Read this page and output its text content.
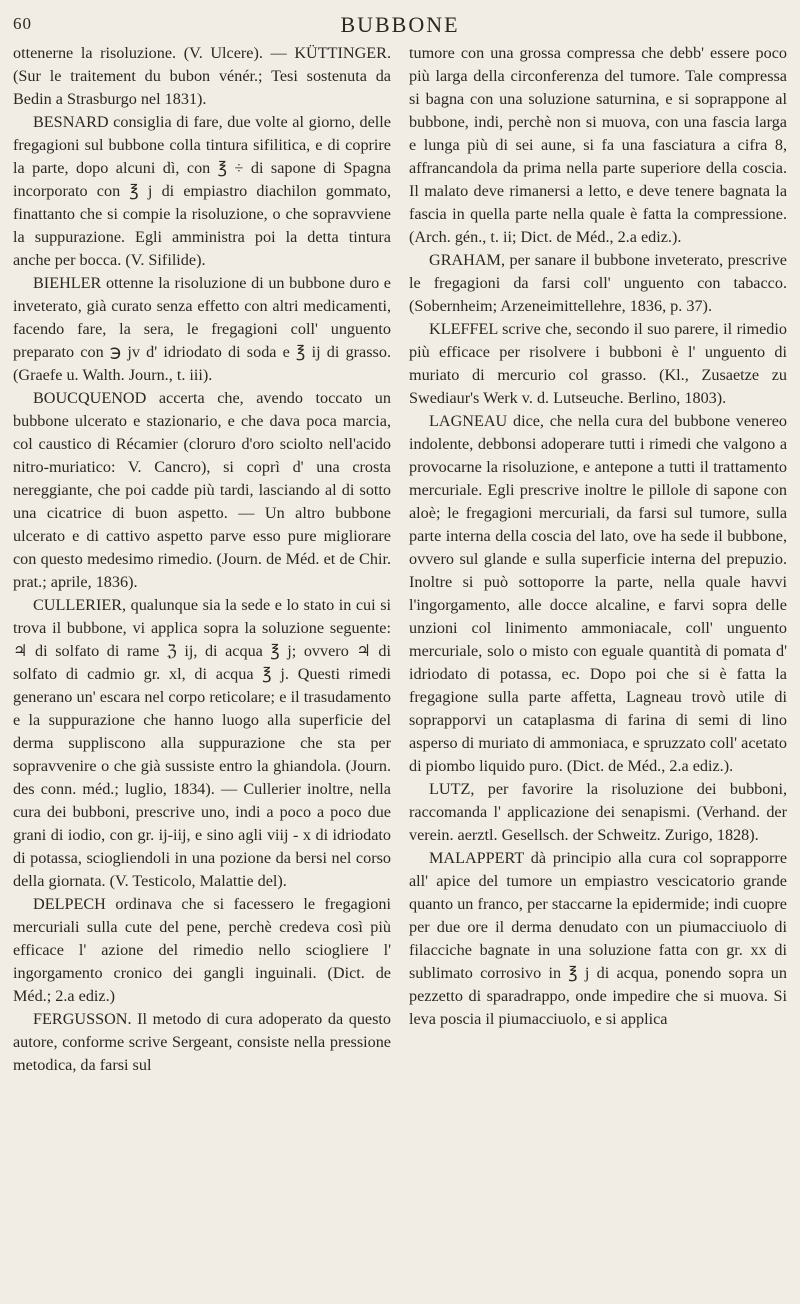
60	BUBBONE

ottenerne la risoluzione. (V. Ulcere). — KÜTTINGER. (Sur le traitement du bubon vénér.; Tesi sostenuta da Bedin a Strasburgo nel 1831).

BESNARD consiglia di fare, due volte al giorno, delle fregagioni sul bubbone colla tintura sifilitica, e di coprire la parte, dopo alcuni dì, con ℥ ÷ di sapone di Spagna incorporato con ℥ j di empiastro diachilon gommato, finattanto che si compie la risoluzione, o che sopravviene la suppurazione. Egli amministra poi la detta tintura anche per bocca. (V. Sifilide).

BIEHLER ottenne la risoluzione di un bubbone duro e inveterato, già curato senza effetto con altri medicamenti, facendo fare, la sera, le fregagioni coll' unguento preparato con ℈ jv d' idriodato di soda e ℥ ij di grasso. (Graefe u. Walth. Journ., t. iii).

BOUCQUENOD accerta che, avendo toccato un bubbone ulcerato e stazionario, e che dava poca marcia, col caustico di Récamier (cloruro d'oro sciolto nell'acido nitro-muriatico: V. Cancro), si coprì d' una crosta nereggiante, che poi cadde più tardi, lasciando al di sotto una cicatrice di buon aspetto. — Un altro bubbone ulcerato e di cattivo aspetto parve esso pure migliorare con questo medesimo rimedio. (Journ. de Méd. et de Chir. prat.; aprile, 1836).

CULLERIER, qualunque sia la sede e lo stato in cui si trova il bubbone, vi applica sopra la soluzione seguente: ♃ di solfato di rame ℨ ij, di acqua ℥ j; ovvero ♃ di solfato di cadmio gr. xl, di acqua ℥ j. Questi rimedi generano un' escara nel corpo reticolare; e il trasudamento e la suppurazione che hanno luogo alla superficie del derma suppliscono alla suppurazione che sta per sopravvenire o che già sussiste entro la ghiandola. (Journ. des conn. méd.; luglio, 1834). — Cullerier inoltre, nella cura dei bubboni, prescrive uno, indi a poco a poco due grani di iodio, con gr. ij-iij, e sino agli viij - x di idriodato di potassa, sciogliendoli in una pozione da bersi nel corso della giornata. (V. Testicolo, Malattie del).

DELPECH ordinava che si facessero le fregagioni mercuriali sulla cute del pene, perchè credeva così più efficace l' azione del rimedio nello sciogliere l' ingorgamento cronico dei gangli inguinali. (Dict. de Méd.; 2.a ediz.)

FERGUSSON. Il metodo di cura adoperato da questo autore, conforme scrive Sergeant, consiste nella pressione metodica, da farsi sul

tumore con una grossa compressa che debb' essere poco più larga della circonferenza del tumore. Tale compressa si bagna con una soluzione saturnina, e si soprappone al bubbone, indi, perchè non si muova, con una fascia larga e lunga più di sei aune, si fa una fasciatura a cifra 8, affrancandola da prima nella parte superiore della coscia. Il malato deve rimanersi a letto, e deve tenere bagnata la fascia in quella parte nella quale è fatta la compressione. (Arch. gén., t. ii; Dict. de Méd., 2.a ediz.).

GRAHAM, per sanare il bubbone inveterato, prescrive le fregagioni da farsi coll' unguento con tabacco. (Sobernheim; Arzeneimittellehre, 1836, p. 37).

KLEFFEL scrive che, secondo il suo parere, il rimedio più efficace per risolvere i bubboni è l' unguento di muriato di mercurio col grasso. (Kl., Zusaetze zu Swediaur's Werk v. d. Lutseuche. Berlino, 1803).

LAGNEAU dice, che nella cura del bubbone venereo indolente, debbonsi adoperare tutti i rimedi che valgono a provocarne la risoluzione, e antepone a tutti il trattamento mercuriale. Egli prescrive inoltre le pillole di sapone con aloè; le fregagioni mercuriali, da farsi sul tumore, sulla parte interna della coscia del lato, ove ha sede il bubbone, ovvero sul glande e sulla superficie interna del prepuzio. Inoltre si può sottoporre la parte, nella quale havvi l'ingorgamento, alle docce alcaline, e farvi sopra delle unzioni col linimento ammoniacale, coll' unguento mercuriale, solo o misto con eguale quantità di pomata d' idriodato di potassa, ec. Dopo poi che si è fatta la fregagione sulla parte affetta, Lagneau trovò utile di soprapporvi un cataplasma di farina di semi di lino asperso di muriato di ammoniaca, e spruzzato coll' acetato di piombo liquido puro. (Dict. de Méd., 2.a ediz.).

LUTZ, per favorire la risoluzione dei bubboni, raccomanda l' applicazione dei senapismi. (Verhand. der verein. aerztl. Gesellsch. der Schweitz. Zurigo, 1828).

MALAPPERT dà principio alla cura col soprapporre all' apice del tumore un empiastro vescicatorio grande quanto un franco, per staccarne la epidermide; indi cuopre per due ore il derma denudato con un piumacciuolo di filacciche bagnate in una soluzione fatta con gr. xx di sublimato corrosivo in ℥ j di acqua, ponendo sopra un pezzetto di sparadrappo, onde impedire che si muova. Si leva poscia il piumacciuolo, e si applica
